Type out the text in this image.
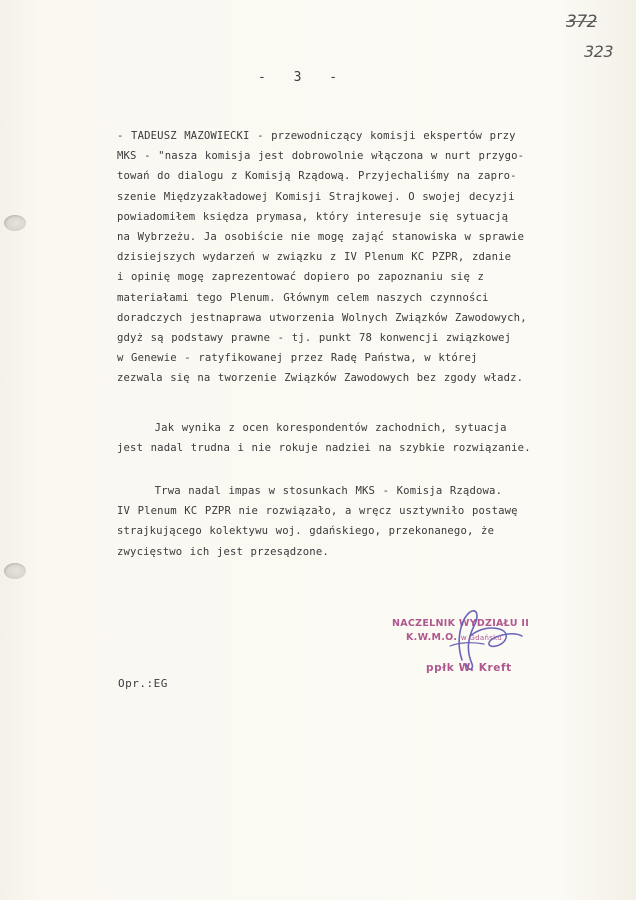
372
323
- 3 -
- TADEUSZ MAZOWIECKI - przewodniczący komisji ekspertów przy
MKS - "nasza komisja jest dobrowolnie włączona w nurt przygo-
towań do dialogu z Komisją Rządową. Przyjechaliśmy na zapro-
szenie Międzyzakładowej Komisji Strajkowej. O swojej decyzji
powiadomiłem księdza prymasa, który interesuje się sytuacją
na Wybrzeżu. Ja osobiście nie mogę zająć stanowiska w sprawie
dzisiejszych wydarzeń w związku z IV Plenum KC PZPR, zdanie
i opinię mogę zaprezentować dopiero po zapoznaniu się z
materiałami tego Plenum. Głównym celem naszych czynności
doradczych jestnaprawa utworzenia Wolnych Związków Zawodowych,
gdyż są podstawy prawne - tj. punkt 78 konwencji związkowej
w Genewie - ratyfikowanej przez Radę Państwa, w której
zezwala się na tworzenie Związków Zawodowych bez zgody władz.
Jak wynika z ocen korespondentów zachodnich, sytuacja
jest nadal trudna i nie rokuje nadziei na szybkie rozwiązanie.
Trwa nadal impas w stosunkach MKS - Komisja Rządowa.
IV Plenum KC PZPR nie rozwiązało, a wręcz usztywniło postawę
strajkującego kolektywu woj. gdańskiego, przekonanego, że
zwycięstwo ich jest przesądzone.
NACZELNIK WYDZIAŁU II
K.W.M.O. w Gdańsku
ppłk W. Kreft
Opr.:EG
